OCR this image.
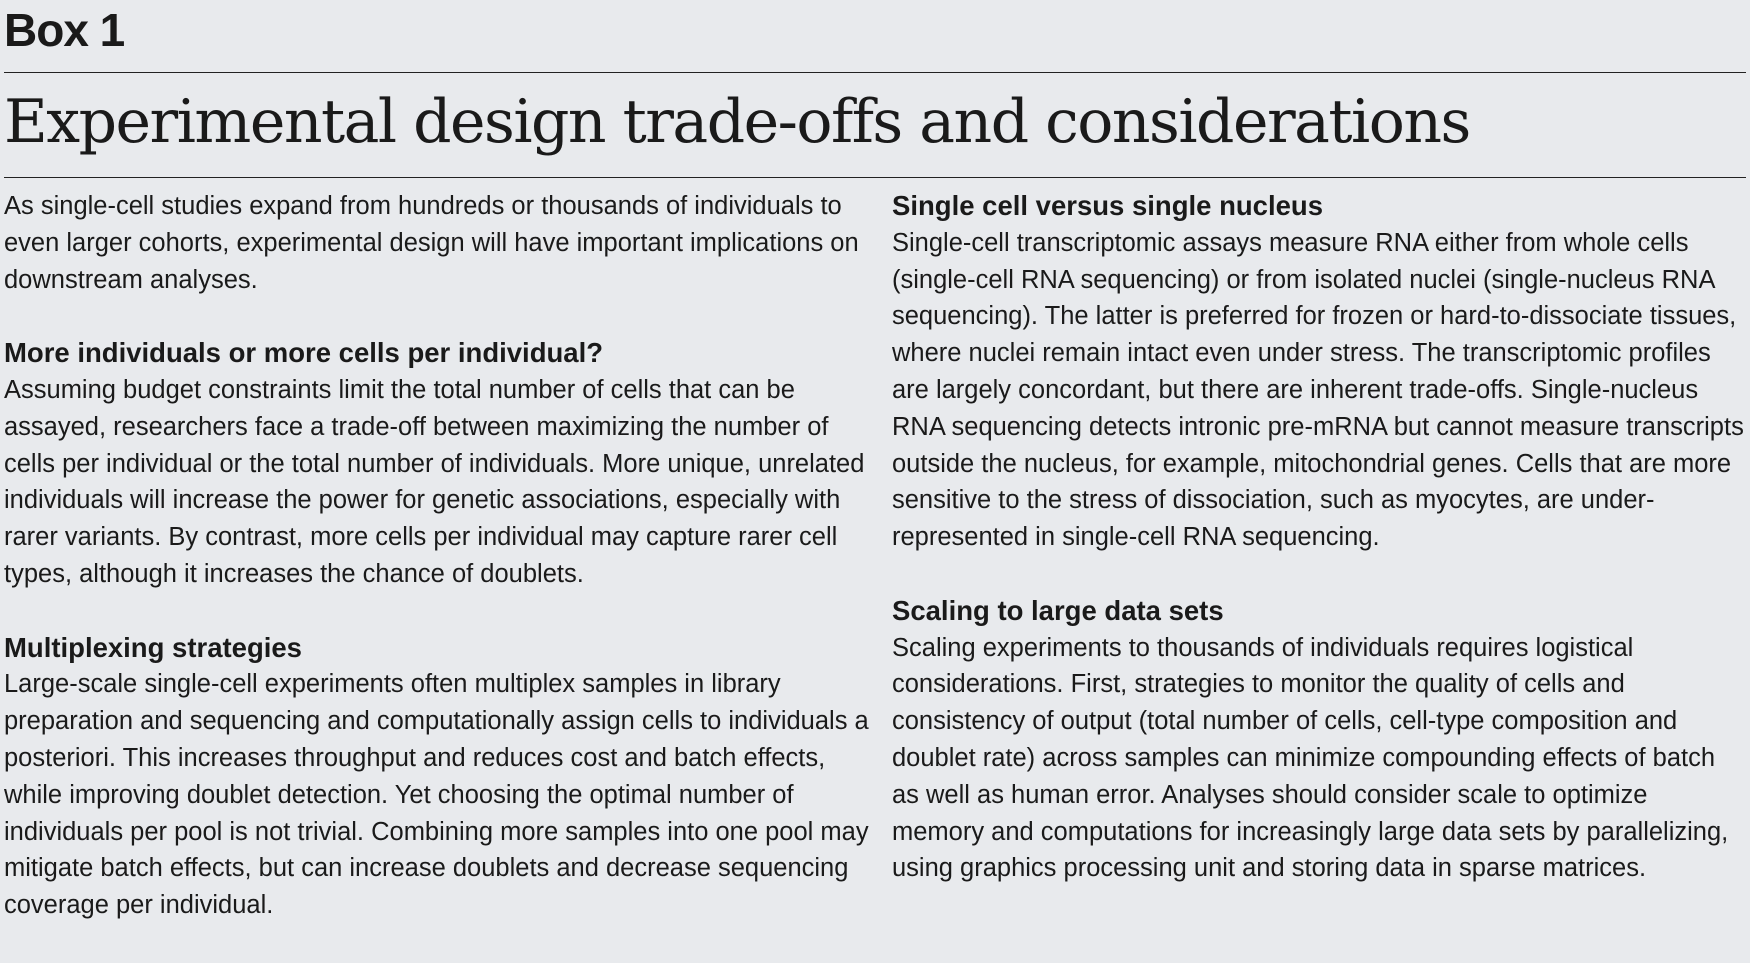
Box 1
Experimental design trade-offs and considerations

As single-cell studies expand from hundreds or thousands of individuals to even larger cohorts, experimental design will have important implications on downstream analyses.

More individuals or more cells per individual?

Assuming budget constraints limit the total number of cells that can be assayed, researchers face a trade-off between maximizing the number of cells per individual or the total number of individuals. More unique, unrelated individuals will increase the power for genetic associations, especially with rarer variants. By contrast, more cells per individual may capture rarer cell types, although it increases the chance of doublets.

Multiplexing strategies

Large-scale single-cell experiments often multiplex samples in library preparation and sequencing and computationally assign cells to individuals a posteriori. This increases throughput and reduces cost and batch effects, while improving doublet detection. Yet choosing the optimal number of individuals per pool is not trivial. Combining more samples into one pool may mitigate batch effects, but can increase doublets and decrease sequencing coverage per individual.

Single cell versus single nucleus

Single-cell transcriptomic assays measure RNA either from whole cells (single-cell RNA sequencing) or from isolated nuclei (single-nucleus RNA sequencing). The latter is preferred for frozen or hard-to-dissociate tissues, where nuclei remain intact even under stress. The transcriptomic profiles are largely concordant, but there are inherent trade-offs. Single-nucleus RNA sequencing detects intronic pre-mRNA but cannot measure transcripts outside the nucleus, for example, mitochondrial genes. Cells that are more sensitive to the stress of dissociation, such as myocytes, are under-represented in single-cell RNA sequencing.

Scaling to large data sets

Scaling experiments to thousands of individuals requires logistical considerations. First, strategies to monitor the quality of cells and consistency of output (total number of cells, cell-type composition and doublet rate) across samples can minimize compounding effects of batch as well as human error. Analyses should consider scale to optimize memory and computations for increasingly large data sets by parallelizing, using graphics processing unit and storing data in sparse matrices.
